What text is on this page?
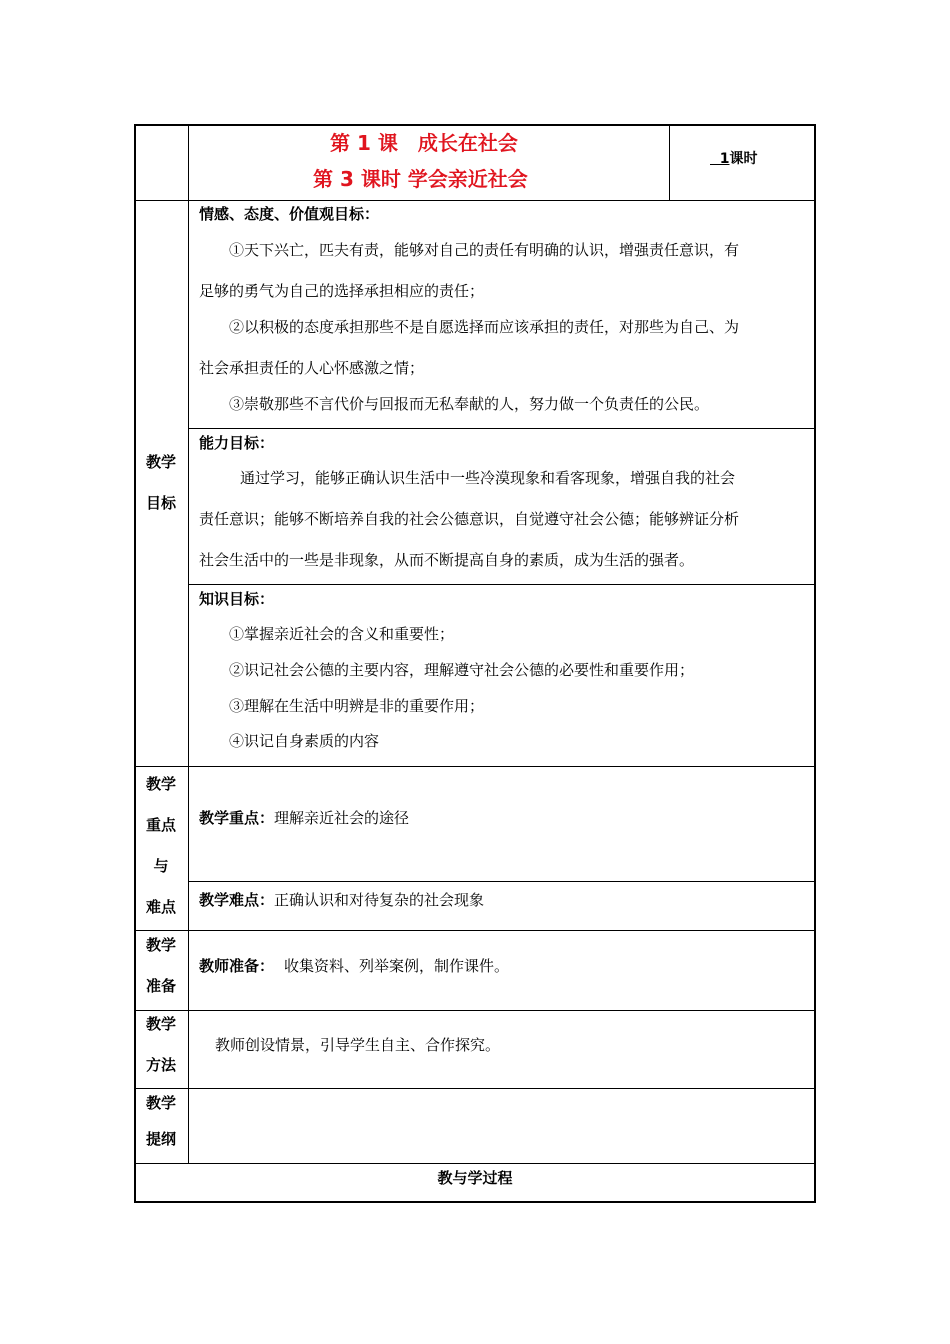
第 1 课　成长在社会
第 3 课时 学会亲近社会
1课时
教学
目标
情感、态度、价值观目标：
①天下兴亡，匹夫有责，能够对自己的责任有明确的认识，增强责任意识，有
足够的勇气为自己的选择承担相应的责任；
②以积极的态度承担那些不是自愿选择而应该承担的责任，对那些为自己、为
社会承担责任的人心怀感激之情；
③崇敬那些不言代价与回报而无私奉献的人，努力做一个负责任的公民。
能力目标：
通过学习，能够正确认识生活中一些冷漠现象和看客现象，增强自我的社会
责任意识；能够不断培养自我的社会公德意识，自觉遵守社会公德；能够辨证分析
社会生活中的一些是非现象，从而不断提高自身的素质，成为生活的强者。
知识目标：
①掌握亲近社会的含义和重要性；
②识记社会公德的主要内容，理解遵守社会公德的必要性和重要作用；
③理解在生活中明辨是非的重要作用；
④识记自身素质的内容
教学
重点
与
难点
教学重点：理解亲近社会的途径
教学难点：正确认识和对待复杂的社会现象
教学
准备
教师准备： 收集资料、列举案例，制作课件。
教学
方法
教师创设情景，引导学生自主、合作探究。
教学
提纲
教与学过程
